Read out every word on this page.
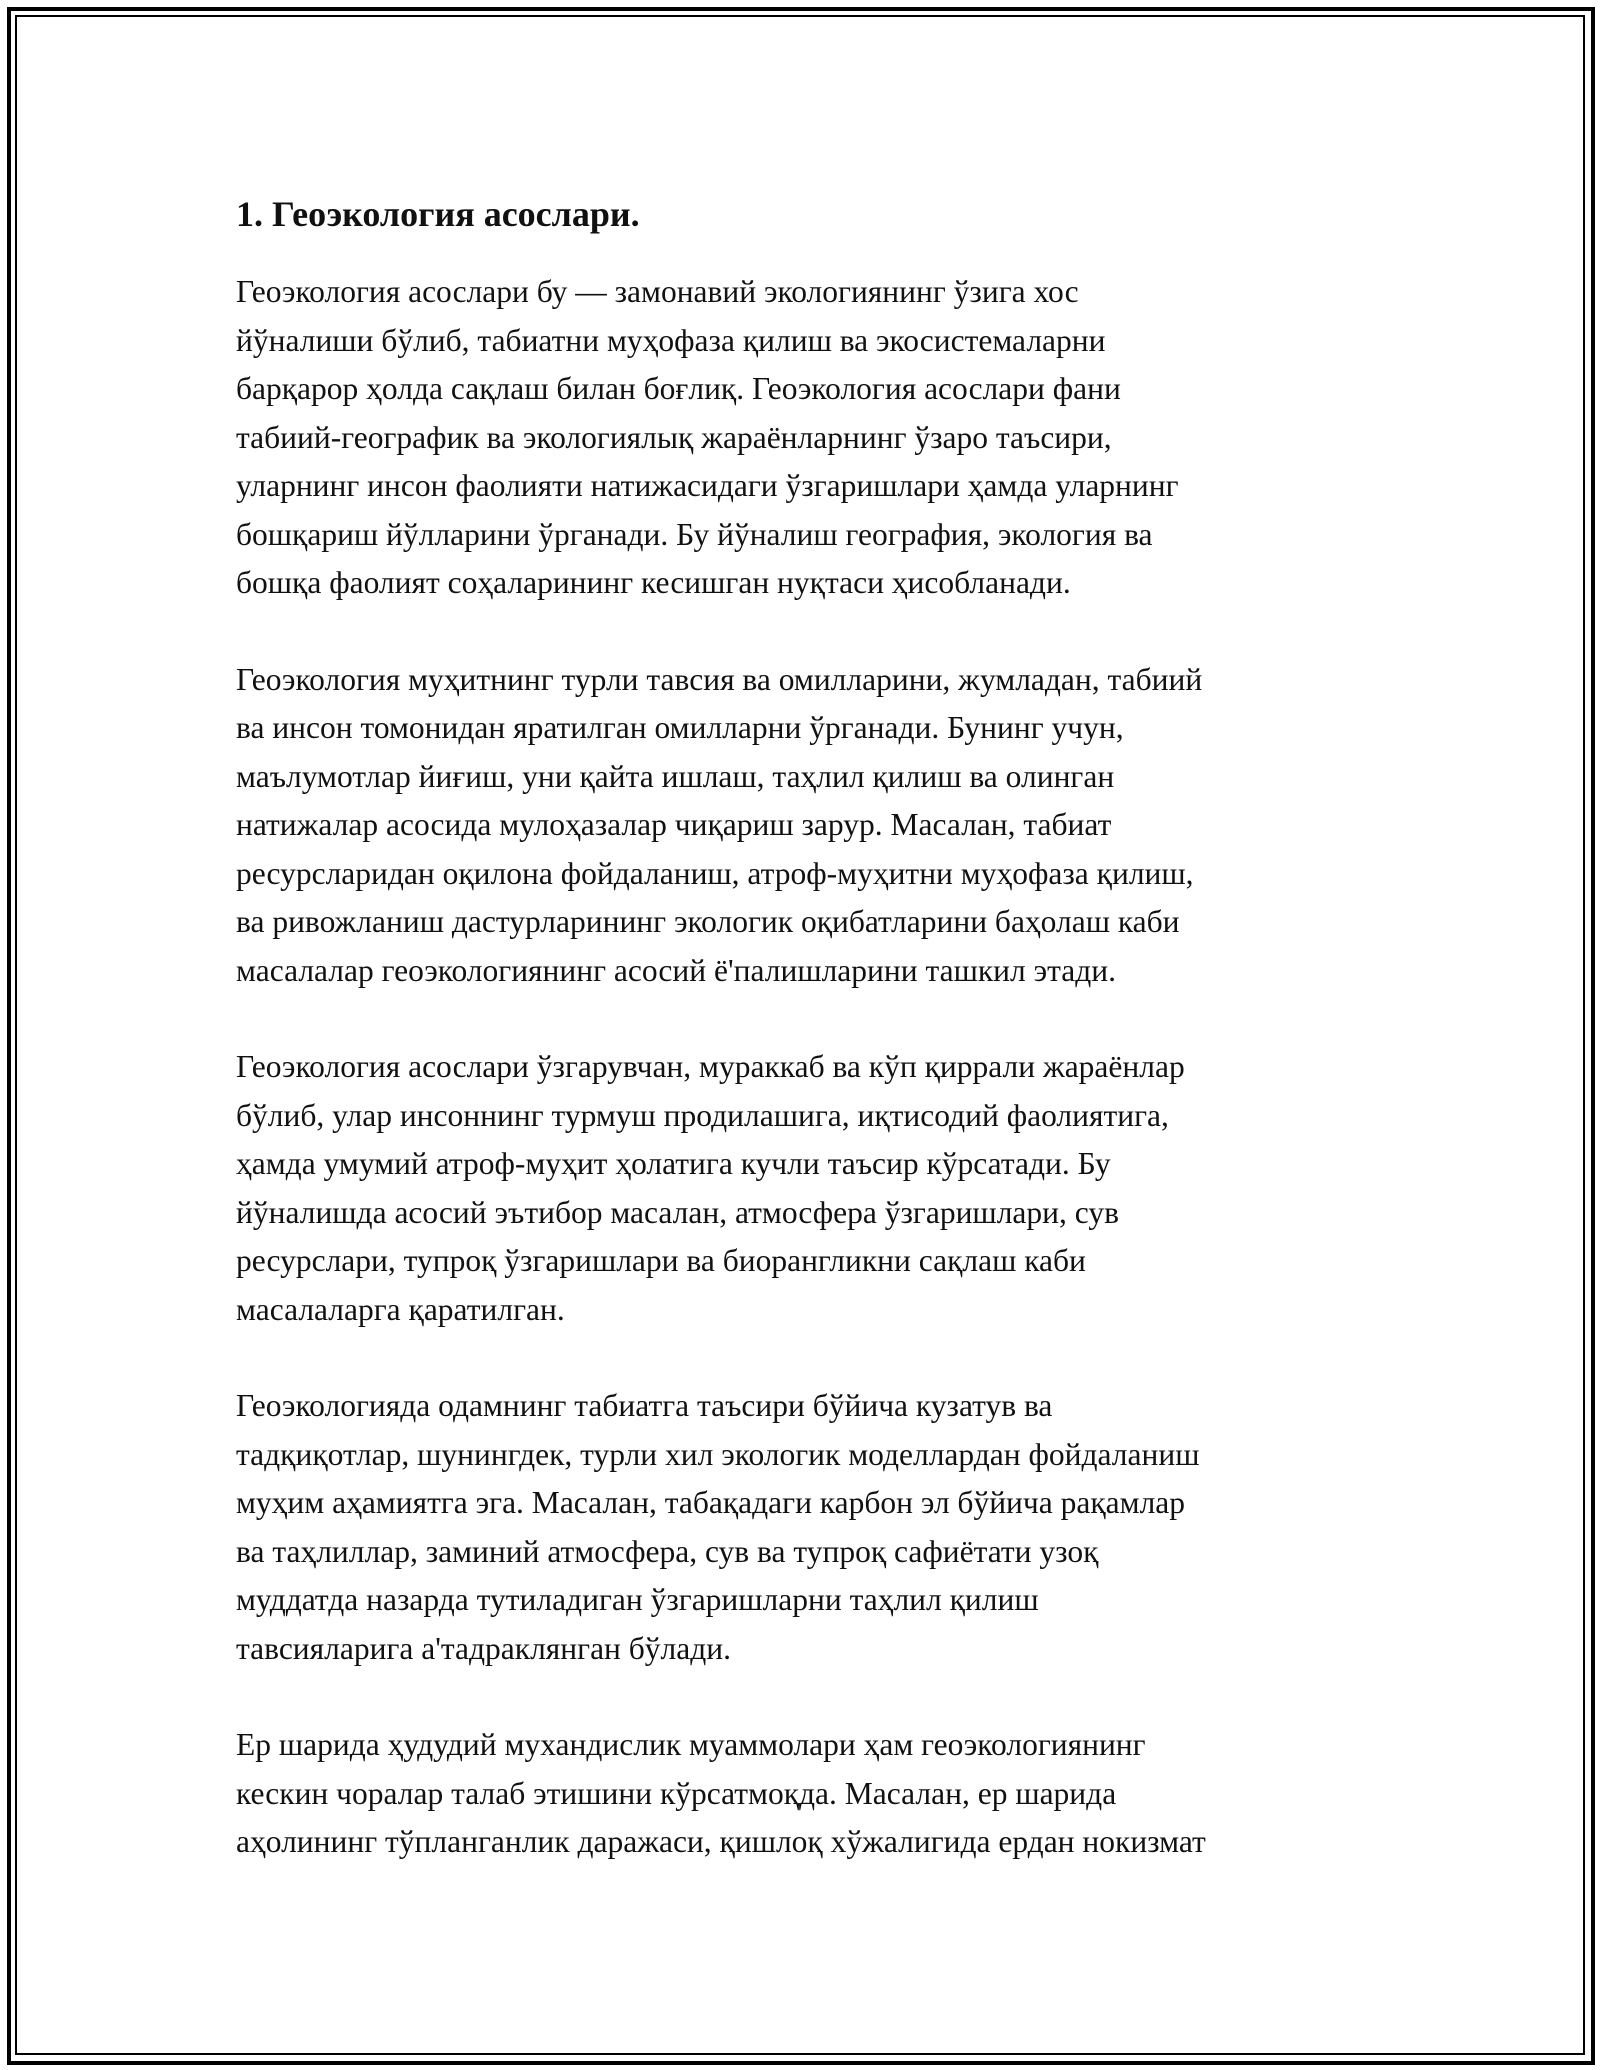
1. Геоэкология асослари.
Геоэкология асослари бу — замонавий экологиянинг ўзига хос
йўналиши бўлиб, табиатни муҳофаза қилиш ва экосистемаларни
барқарор ҳолда сақлаш билан боғлиқ. Геоэкология асослари фани
табиий-географик ва экологиялық жараёнларнинг ўзаро таъсири,
уларнинг инсон фаолияти натижасидаги ўзгаришлари ҳамда уларнинг
бошқариш йўлларини ўрганади. Бу йўналиш география, экология ва
бошқа фаолият соҳаларининг кесишган нуқтаси ҳисобланади.
Геоэкология муҳитнинг турли тавсия ва омилларини, жумладан, табиий
ва инсон томонидан яратилган омилларни ўрганади. Бунинг учун,
маълумотлар йиғиш, уни қайта ишлаш, таҳлил қилиш ва олинган
натижалар асосида мулоҳазалар чиқариш зарур. Масалан, табиат
ресурсларидан оқилона фойдаланиш, атроф-муҳитни муҳофаза қилиш,
ва ривожланиш дастурларининг экологик оқибатларини баҳолаш каби
масалалар геоэкологиянинг асосий ё'палишларини ташкил этади.
Геоэкология асослари ўзгарувчан, мураккаб ва кўп қиррали жараёнлар
бўлиб, улар инсоннинг турмуш продилашига, иқтисодий фаолиятига,
ҳамда умумий атроф-муҳит ҳолатига кучли таъсир кўрсатади. Бу
йўналишда асосий эътибор масалан, атмосфера ўзгаришлари, сув
ресурслари, тупроқ ўзгаришлари ва биорангликни сақлаш каби
масалаларга қаратилган.
Геоэкологияда одамнинг табиатга таъсири бўйича кузатув ва
тадқиқотлар, шунингдек, турли хил экологик моделлардан фойдаланиш
муҳим аҳамиятга эга. Масалан, табақадаги карбон эл бўйича рақамлар
ва таҳлиллар, заминий атмосфера, сув ва тупроқ сафиётати узоқ
муддатда назарда тутиладиган ўзгаришларни таҳлил қилиш
тавсияларига а'тадраклянган бўлади.
Ер шарида ҳудудий мухандислик муаммолари ҳам геоэкологиянинг
кескин чоралар талаб этишини кўрсатмоқда. Масалан, ер шарида
аҳолининг тўпланганлик даражаси, қишлоқ хўжалигида ердан нокизмат
